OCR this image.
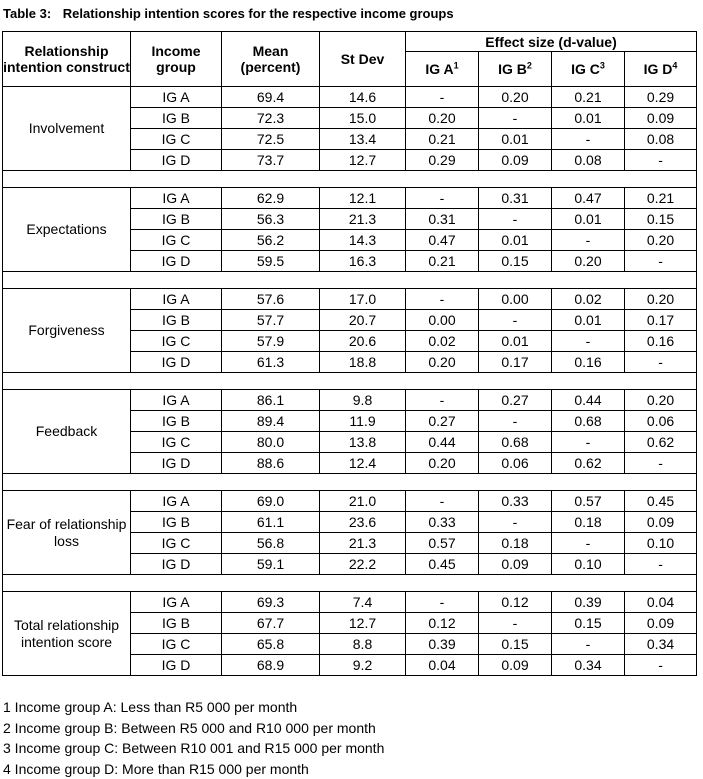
Table 3: Relationship intention scores for the respective income groups
Relationship intention construct	Income group	Mean (percent)	St Dev	Effect size (d-value)			
				IG $A^1$	IG $B^2$	IG $C^3$	IG $D^4$
Involvement	IG A	69.4	14.6	-	0.20	0.21	0.29
	IG B	72.3	15.0	0.20	-	0.01	0.09
	IG C	72.5	13.4	0.21	0.01	-	0.08
	IG D	73.7	12.7	0.29	0.09	0.08	-

Expectations	IG A	62.9	12.1	-	0.31	0.47	0.21
	IG B	56.3	21.3	0.31	-	0.01	0.15
	IG C	56.2	14.3	0.47	0.01	-	0.20
	IG D	59.5	16.3	0.21	0.15	0.20	-

Forgiveness	IG A	57.6	17.0	-	0.00	0.02	0.20
	IG B	57.7	20.7	0.00	-	0.01	0.17
	IG C	57.9	20.6	0.02	0.01	-	0.16
	IG D	61.3	18.8	0.20	0.17	0.16	-

Feedback	IG A	86.1	9.8	-	0.27	0.44	0.20
	IG B	89.4	11.9	0.27	-	0.68	0.06
	IG C	80.0	13.8	0.44	0.68	-	0.62
	IG D	88.6	12.4	0.20	0.06	0.62	-

Fear of relationship loss	IG A	69.0	21.0	-	0.33	0.57	0.45
	IG B	61.1	23.6	0.33	-	0.18	0.09
	IG C	56.8	21.3	0.57	0.18	-	0.10
	IG D	59.1	22.2	0.45	0.09	0.10	-

Total relationship intention score	IG A	69.3	7.4	-	0.12	0.39	0.04
	IG B	67.7	12.7	0.12	-	0.15	0.09
	IG C	65.8	8.8	0.39	0.15	-	0.34
	IG D	68.9	9.2	0.04	0.09	0.34	-
1 Income group A: Less than R5 000 per month
2 Income group B: Between R5 000 and R10 000 per month
3 Income group C: Between R10 001 and R15 000 per month
4 Income group D: More than R15 000 per month
